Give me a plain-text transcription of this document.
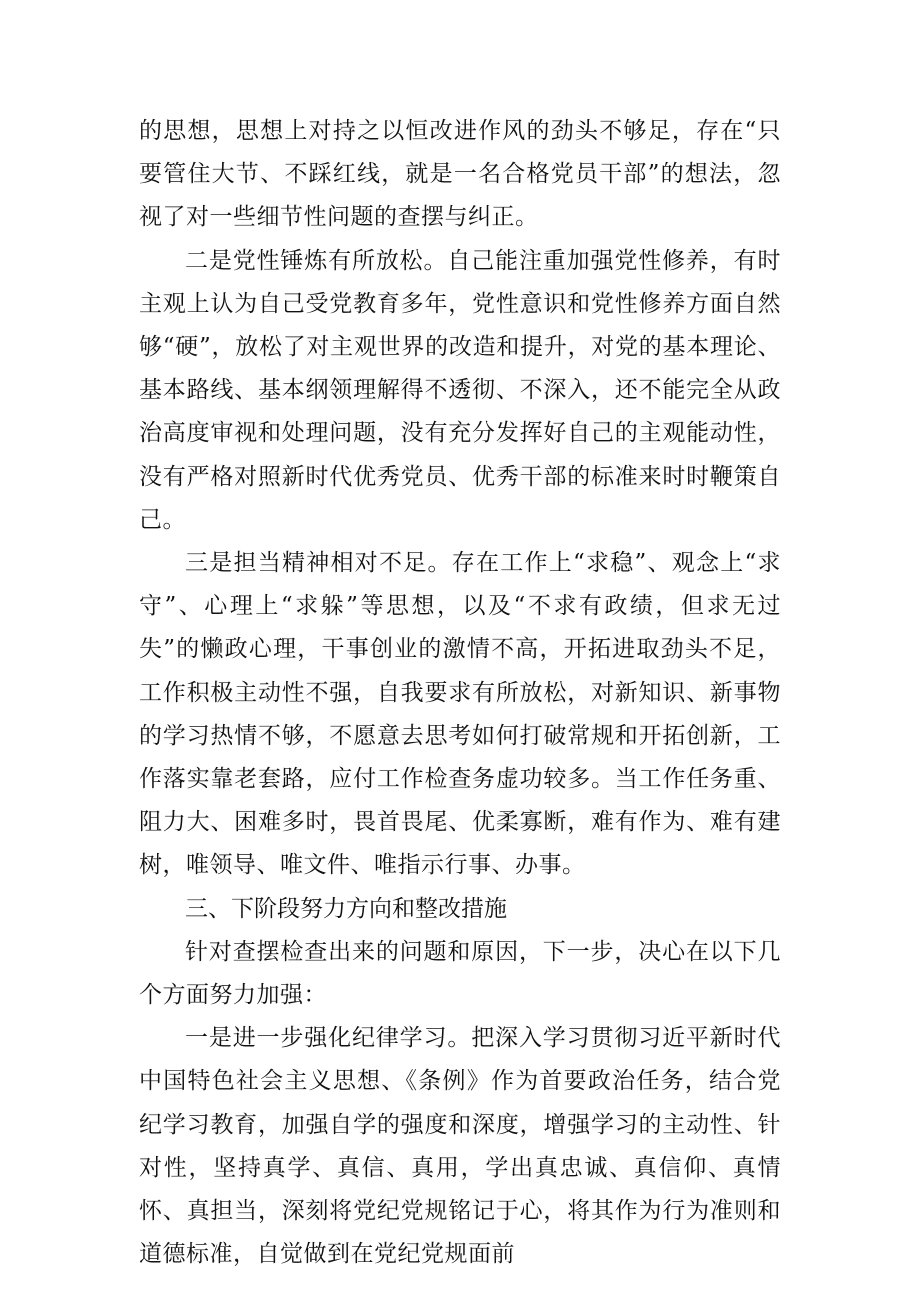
的思想，思想上对持之以恒改进作风的劲头不够足，存在“只要管住大节、不踩红线，就是一名合格党员干部”的想法，忽视了对一些细节性问题的查摆与纠正。

二是党性锤炼有所放松。自己能注重加强党性修养，有时主观上认为自己受党教育多年，党性意识和党性修养方面自然够“硬”，放松了对主观世界的改造和提升，对党的基本理论、基本路线、基本纲领理解得不透彻、不深入，还不能完全从政治高度审视和处理问题，没有充分发挥好自己的主观能动性，没有严格对照新时代优秀党员、优秀干部的标准来时时鞭策自己。

三是担当精神相对不足。存在工作上“求稳”、观念上“求守”、心理上“求躲”等思想，以及“不求有政绩，但求无过失”的懒政心理，干事创业的激情不高，开拓进取劲头不足，工作积极主动性不强，自我要求有所放松，对新知识、新事物的学习热情不够，不愿意去思考如何打破常规和开拓创新，工作落实靠老套路，应付工作检查务虚功较多。当工作任务重、阻力大、困难多时，畏首畏尾、优柔寡断，难有作为、难有建树，唯领导、唯文件、唯指示行事、办事。

三、下阶段努力方向和整改措施

针对查摆检查出来的问题和原因，下一步，决心在以下几个方面努力加强：

一是进一步强化纪律学习。把深入学习贯彻习近平新时代中国特色社会主义思想、《条例》作为首要政治任务，结合党纪学习教育，加强自学的强度和深度，增强学习的主动性、针对性，坚持真学、真信、真用，学出真忠诚、真信仰、真情怀、真担当，深刻将党纪党规铭记于心，将其作为行为准则和道德标准，自觉做到在党纪党规面前
